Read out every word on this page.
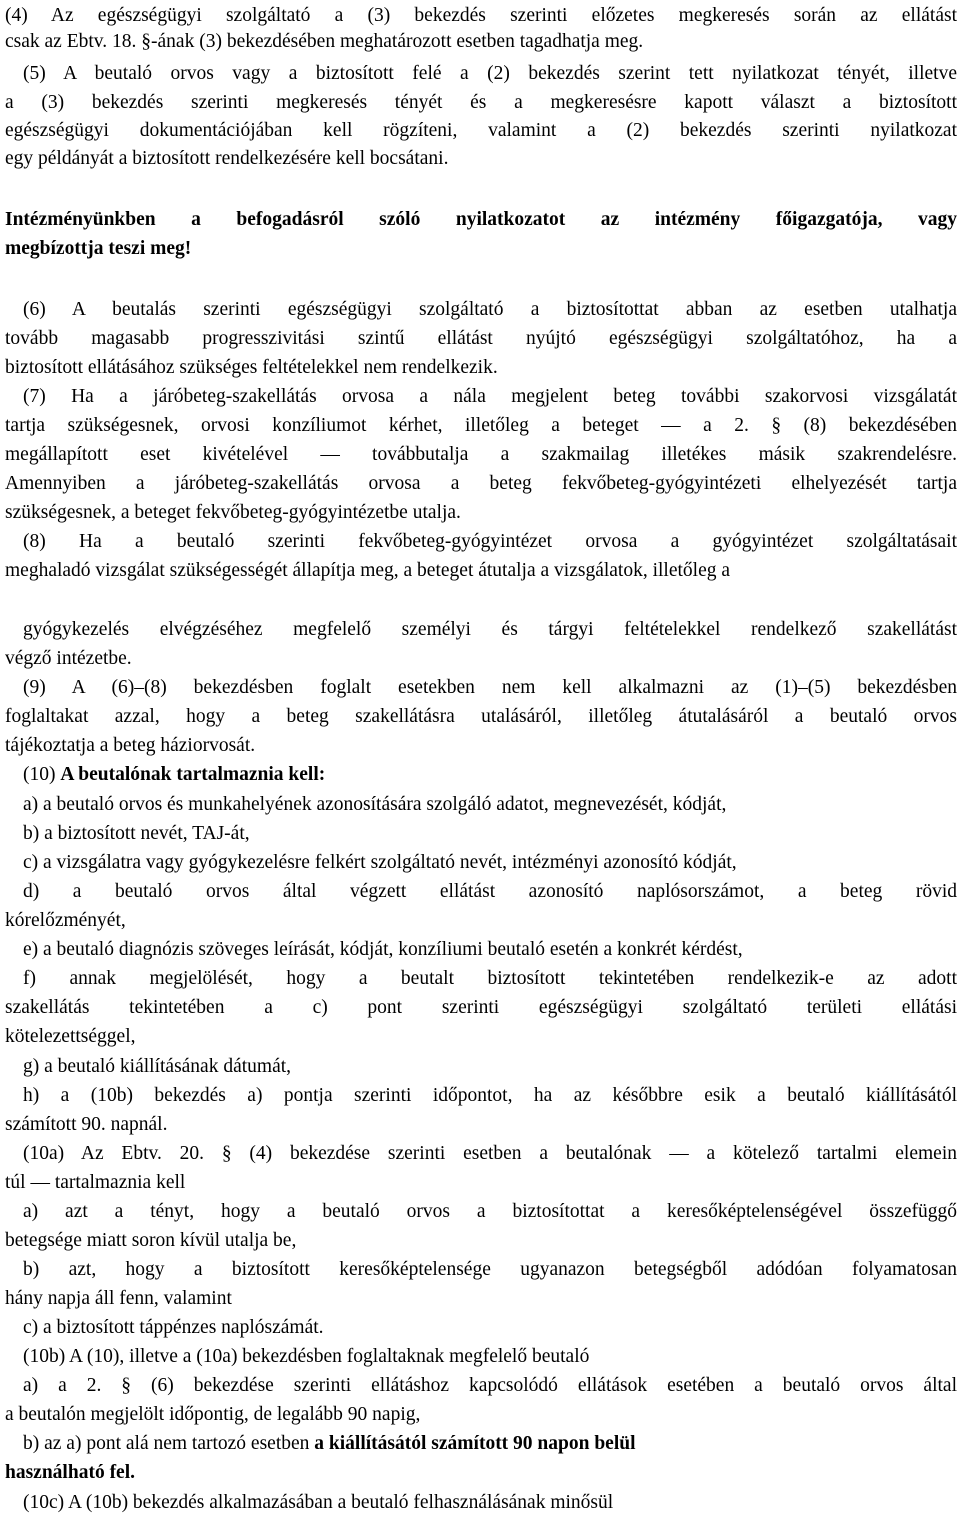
(4) Az egészségügyi szolgáltató a (3) bekezdés szerinti előzetes megkeresés során az ellátást
csak az Ebtv. 18. §-ának (3) bekezdésében meghatározott esetben tagadhatja meg.
(5) A beutaló orvos vagy a biztosított felé a (2) bekezdés szerint tett nyilatkozat tényét, illetve
a (3) bekezdés szerinti megkeresés tényét és a megkeresésre kapott választ a biztosított
egészségügyi dokumentációjában kell rögzíteni, valamint a (2) bekezdés szerinti nyilatkozat
egy példányát a biztosított rendelkezésére kell bocsátani.
Intézményünkben a befogadásról szóló nyilatkozatot az intézmény főigazgatója, vagy
megbízottja teszi meg!
(6) A beutalás szerinti egészségügyi szolgáltató a biztosítottat abban az esetben utalhatja
tovább magasabb progresszivitási szintű ellátást nyújtó egészségügyi szolgáltatóhoz, ha a
biztosított ellátásához szükséges feltételekkel nem rendelkezik.
(7) Ha a járóbeteg-szakellátás orvosa a nála megjelent beteg további szakorvosi vizsgálatát
tartja szükségesnek, orvosi konzíliumot kérhet, illetőleg a beteget — a 2. § (8) bekezdésében
megállapított eset kivételével — továbbutalja a szakmailag illetékes másik szakrendelésre.
Amennyiben a járóbeteg-szakellátás orvosa a beteg fekvőbeteg-gyógyintézeti elhelyezését tartja
szükségesnek, a beteget fekvőbeteg-gyógyintézetbe utalja.
(8) Ha a beutaló szerinti fekvőbeteg-gyógyintézet orvosa a gyógyintézet szolgáltatásait
meghaladó vizsgálat szükségességét állapítja meg, a beteget átutalja a vizsgálatok, illetőleg a
gyógykezelés elvégzéséhez megfelelő személyi és tárgyi feltételekkel rendelkező szakellátást
végző intézetbe.
(9) A (6)–(8) bekezdésben foglalt esetekben nem kell alkalmazni az (1)–(5) bekezdésben
foglaltakat azzal, hogy a beteg szakellátásra utalásáról, illetőleg átutalásáról a beutaló orvos
tájékoztatja a beteg háziorvosát.
(10) A beutalónak tartalmaznia kell:
a) a beutaló orvos és munkahelyének azonosítására szolgáló adatot, megnevezését, kódját,
b) a biztosított nevét, TAJ-át,
c) a vizsgálatra vagy gyógykezelésre felkért szolgáltató nevét, intézményi azonosító kódját,
d) a beutaló orvos által végzett ellátást azonosító naplósorszámot, a beteg rövid
kórelőzményét,
e) a beutaló diagnózis szöveges leírását, kódját, konzíliumi beutaló esetén a konkrét kérdést,
f) annak megjelölését, hogy a beutalt biztosított tekintetében rendelkezik-e az adott
szakellátás tekintetében a c) pont szerinti egészségügyi szolgáltató területi ellátási
kötelezettséggel,
g) a beutaló kiállításának dátumát,
h) a (10b) bekezdés a) pontja szerinti időpontot, ha az későbbre esik a beutaló kiállításától
számított 90. napnál.
(10a) Az Ebtv. 20. § (4) bekezdése szerinti esetben a beutalónak — a kötelező tartalmi elemein
túl — tartalmaznia kell
a) azt a tényt, hogy a beutaló orvos a biztosítottat a keresőképtelenségével összefüggő
betegsége miatt soron kívül utalja be,
b) azt, hogy a biztosított keresőképtelensége ugyanazon betegségből adódóan folyamatosan
hány napja áll fenn, valamint
c) a biztosított táppénzes naplószámát.
(10b) A (10), illetve a (10a) bekezdésben foglaltaknak megfelelő beutaló
a) a 2. § (6) bekezdése szerinti ellátáshoz kapcsolódó ellátások esetében a beutaló orvos által
a beutalón megjelölt időpontig, de legalább 90 napig,
b) az a) pont alá nem tartozó esetben a kiállításától számított 90 napon belül
használható fel.
(10c) A (10b) bekezdés alkalmazásában a beutaló felhasználásának minősül
